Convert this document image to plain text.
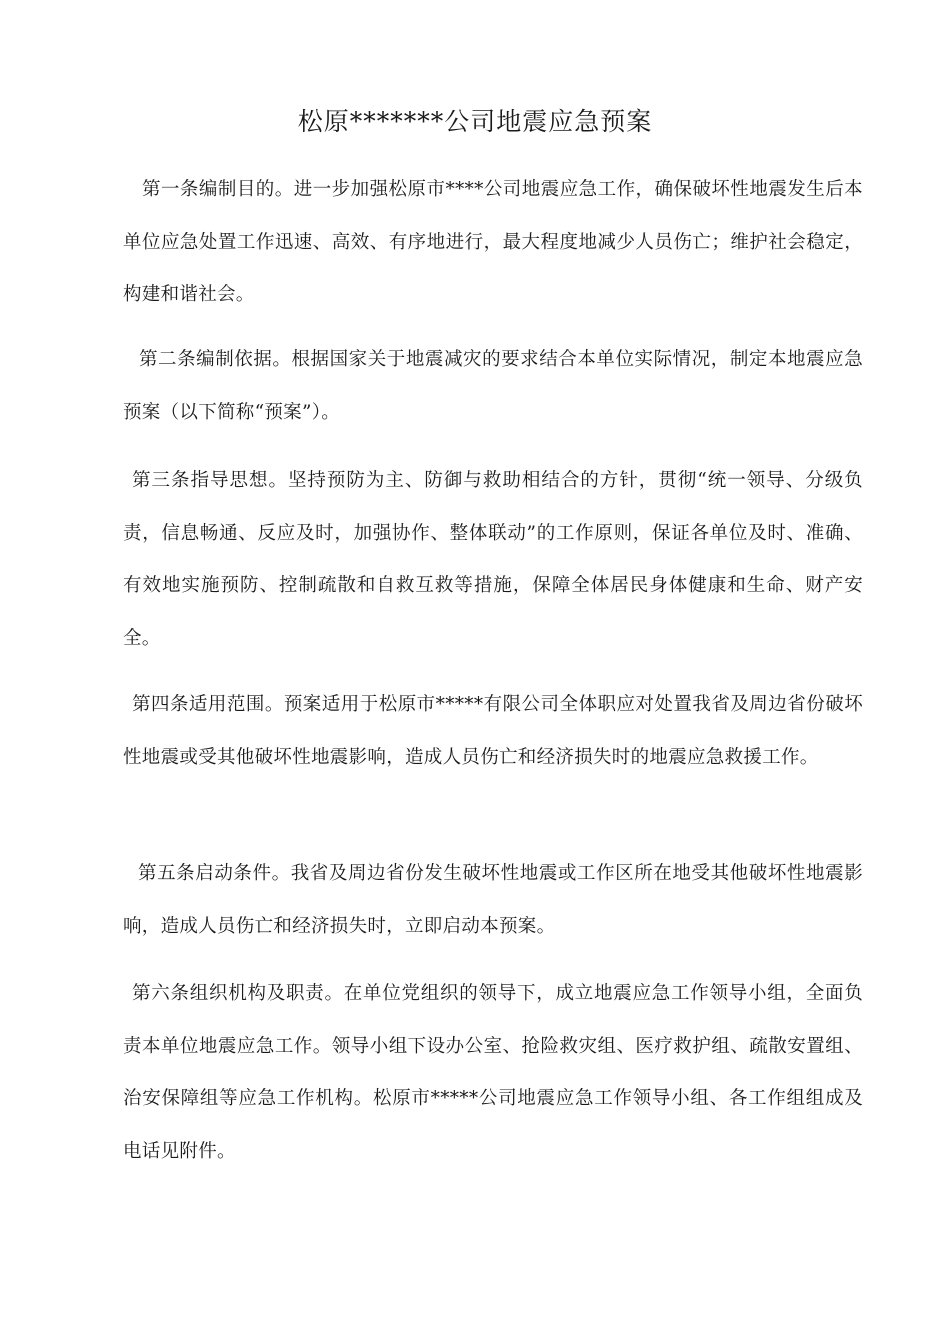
松原*******公司地震应急预案

第一条编制目的。进一步加强松原市****公司地震应急工作，确保破坏性地震发生后本单位应急处置工作迅速、高效、有序地进行，最大程度地减少人员伤亡；维护社会稳定，构建和谐社会。

第二条编制依据。根据国家关于地震减灾的要求结合本单位实际情况，制定本地震应急预案（以下简称“预案”）。

第三条指导思想。坚持预防为主、防御与救助相结合的方针，贯彻“统一领导、分级负责，信息畅通、反应及时，加强协作、整体联动”的工作原则，保证各单位及时、准确、有效地实施预防、控制疏散和自救互救等措施，保障全体居民身体健康和生命、财产安全。

第四条适用范围。预案适用于松原市*****有限公司全体职应对处置我省及周边省份破坏性地震或受其他破坏性地震影响，造成人员伤亡和经济损失时的地震应急救援工作。

第五条启动条件。我省及周边省份发生破坏性地震或工作区所在地受其他破坏性地震影响，造成人员伤亡和经济损失时，立即启动本预案。

第六条组织机构及职责。在单位党组织的领导下，成立地震应急工作领导小组，全面负责本单位地震应急工作。领导小组下设办公室、抢险救灾组、医疗救护组、疏散安置组、治安保障组等应急工作机构。松原市*****公司地震应急工作领导小组、各工作组组成及电话见附件。
